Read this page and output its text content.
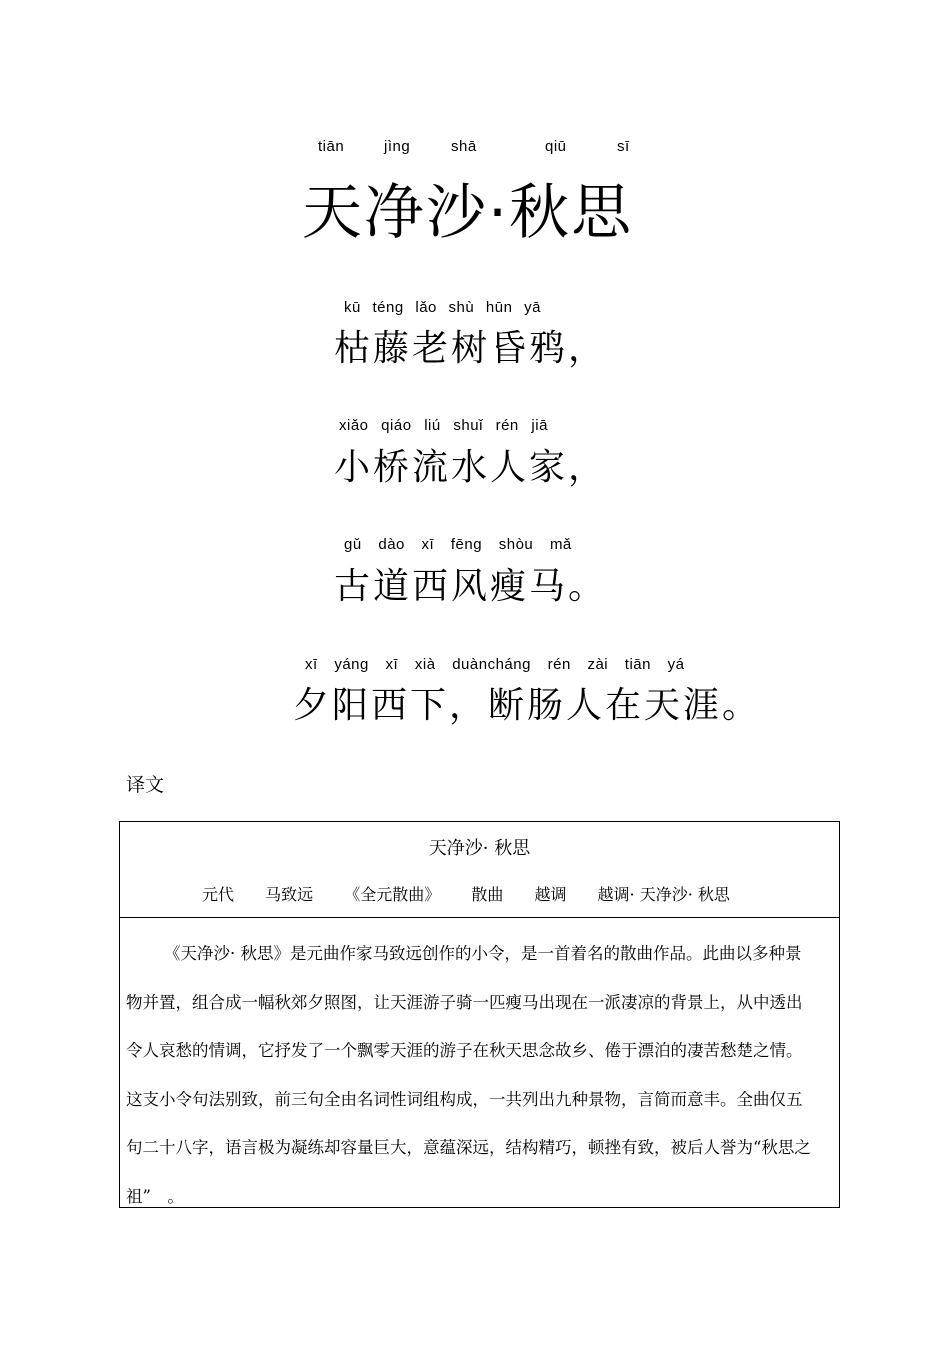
tiān	jìng	shā	qiū	sī
天净沙·秋思
kū téng lǎo shù hūn yā
枯藤老树昏鸦，
xiǎo qiáo liú shuǐ rén jiā
小桥流水人家，
gǔ dào xī fēng shòu mǎ
古道西风瘦马。
xī yáng xī xià duàncháng rén zài tiān yá
夕阳西下，断肠人在天涯。
译文
天净沙· 秋思
元代 马致远 《全元散曲》 散曲 越调 越调· 天净沙· 秋思
《天净沙· 秋思》是元曲作家马致远创作的小令，是一首着名的散曲作品。此曲以多种景物并置，组合成一幅秋郊夕照图，让天涯游子骑一匹瘦马出现在一派凄凉的背景上，从中透出令人哀愁的情调，它抒发了一个飘零天涯的游子在秋天思念故乡、倦于漂泊的凄苦愁楚之情。这支小令句法别致，前三句全由名词性词组构成，一共列出九种景物，言简而意丰。全曲仅五句二十八字，语言极为凝练却容量巨大，意蕴深远，结构精巧，顿挫有致，被后人誉为“秋思之祖”　。
